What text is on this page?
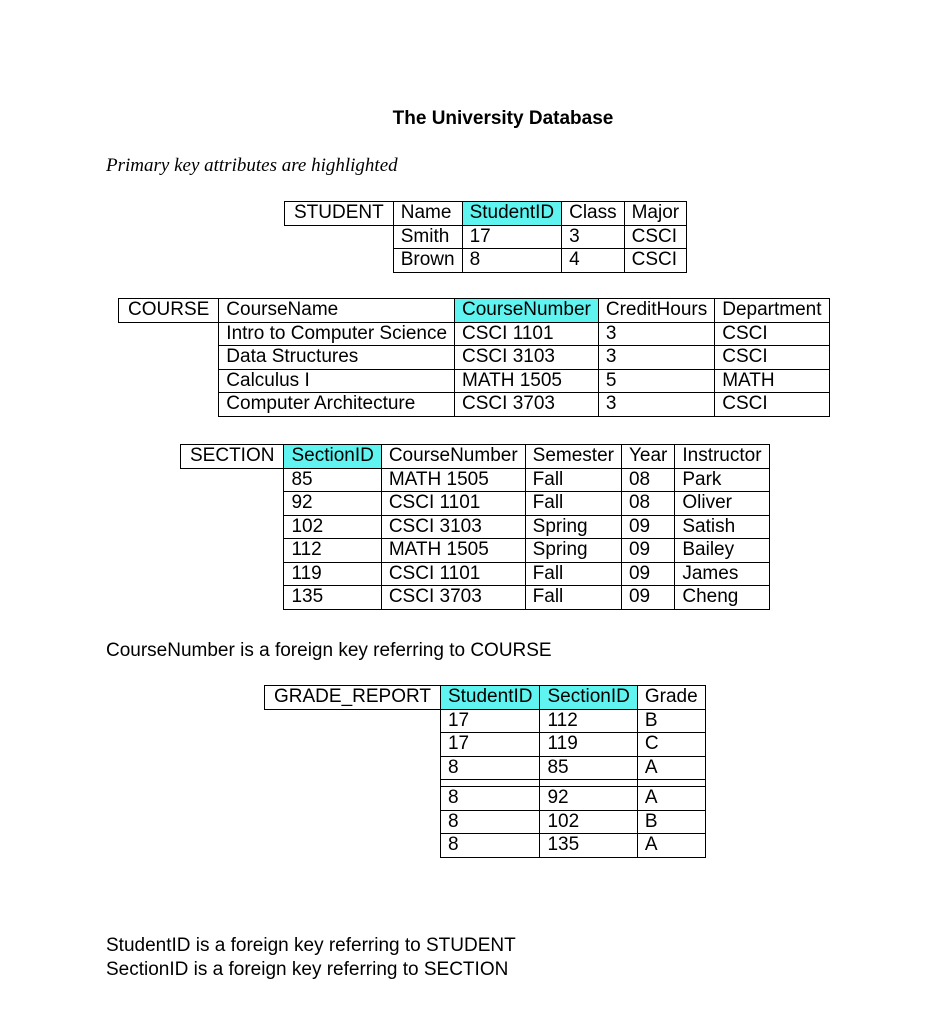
The University Database
Primary key attributes are highlighted
STUDENT	Name	StudentID	Class	Major
	Smith	17	3	CSCI
	Brown	8	4	CSCI
COURSE	CourseName	CourseNumber	CreditHours	Department
	Intro to Computer Science	CSCI 1101	3	CSCI
	Data Structures	CSCI 3103	3	CSCI
	Calculus I	MATH 1505	5	MATH
	Computer Architecture	CSCI 3703	3	CSCI
SECTION	SectionID	CourseNumber	Semester	Year	Instructor
	85	MATH 1505	Fall	08	Park
	92	CSCI 1101	Fall	08	Oliver
	102	CSCI 3103	Spring	09	Satish
	112	MATH 1505	Spring	09	Bailey
	119	CSCI 1101	Fall	09	James
	135	CSCI 3703	Fall	09	Cheng
CourseNumber is a foreign key referring to COURSE
GRADE_REPORT	StudentID	SectionID	Grade
	17	112	B
	17	119	C
	8	85	A

	8	92	A
	8	102	B
	8	135	A
StudentID is a foreign key referring to STUDENT
SectionID is a foreign key referring to SECTION
